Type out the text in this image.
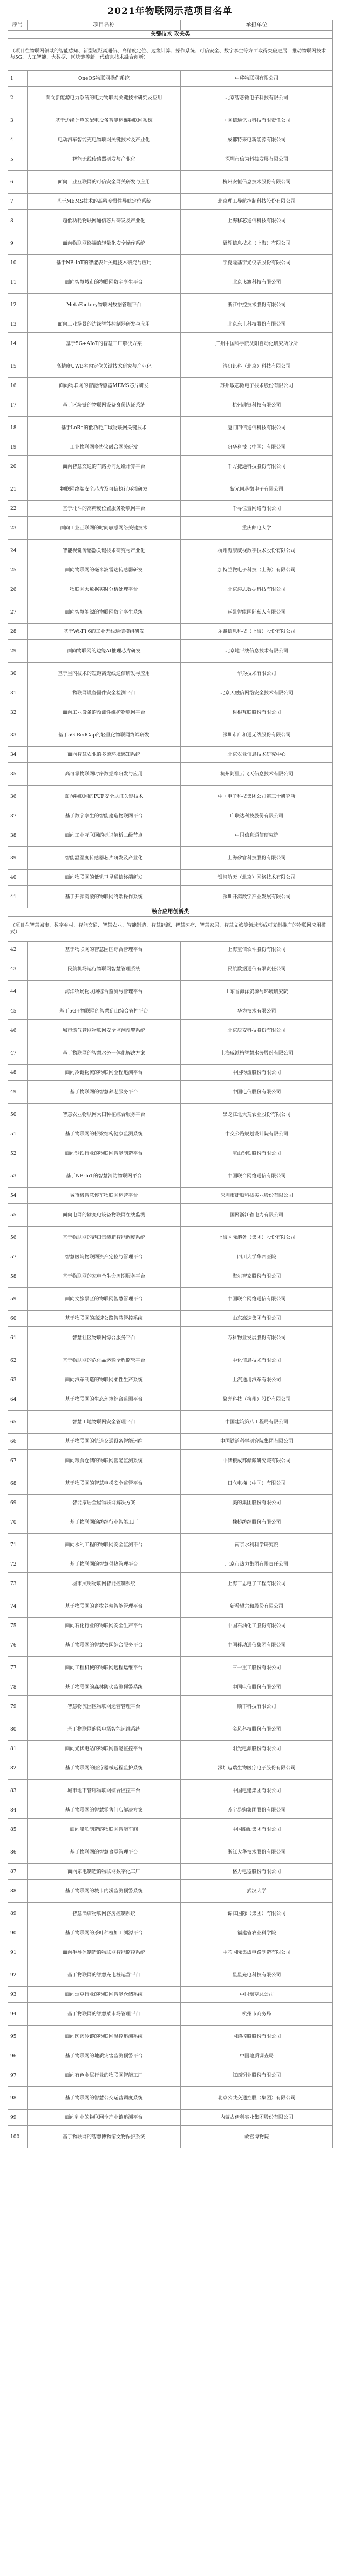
2021年物联网示范项目名单
序号	项目名称	承担单位
关键技术 攻关类		
（项目在物联网领域的智能感知、新型短距离通信、高精度定位、边缘计算、操作系统、可信安全、数字孪生等方面取得突破进展，推动物联网技术与5G、人工智能、大数据、区块链等新一代信息技术融合创新）		
1	OneOS物联网操作系统	中移物联网有限公司
2	面向新能源电力系统的电力物联网关键技术研究及应用	北京智芯微电子科技有限公司
3	基于边缘计算的配电设备智能运维物联网系统	国网信通亿力科技有限责任公司
4	电动汽车智能充电物联网关键技术及产业化	成都特来电新能源有限公司
5	智能无线传感器研发与产业化	深圳市信为科技发展有限公司
6	面向工业互联网的可信安全网关研发与应用	杭州安恒信息技术股份有限公司
7	基于MEMS技术的高精度惯性导航定位系统	北京理工导航控制科技股份有限公司
8	超低功耗物联网通信芯片研发及产业化	上海移芯通信科技有限公司
9	面向物联网终端的轻量化安全操作系统	翼辉信息技术（上海）有限公司
10	基于NB-IoT的智能表计关键技术研究与应用	宁夏隆基宁光仪表股份有限公司
11	面向智慧城市的物联网数字孪生平台	北京飞渡科技有限公司
12	MetaFactory物联网数据管理平台	浙江中控技术股份有限公司
13	面向工业场景的边缘智能控制器研发与应用	北京东土科技股份有限公司
14	基于5G+AIoT的智慧工厂解决方案	广州中国科学院沈阳自动化研究所分所
15	高精度UWB室内定位关键技术研究与产业化	清研讯科（北京）科技有限公司
16	面向物联网的智能传感器MEMS芯片研发	苏州敏芯微电子技术股份有限公司
17	基于区块链的物联网设备身份认证系统	杭州趣链科技有限公司
18	基于LoRa的低功耗广域物联网关键技术	厦门四信通信科技有限公司
19	工业物联网多协议融合网关研发	研华科技（中国）有限公司
20	面向智慧交通的车路协同边缘计算平台	千方捷通科技股份有限公司
21	物联网终端安全芯片及可信执行环境研发	紫光同芯微电子有限公司
22	基于北斗的高精度位置服务物联网平台	千寻位置网络有限公司
23	面向工业互联网的时间敏感网络关键技术	重庆邮电大学
24	智能视觉传感器关键技术研究与产业化	杭州海康威视数字技术股份有限公司
25	面向物联网的毫米波雷达传感器研发	加特兰微电子科技（上海）有限公司
26	物联网大数据实时分析处理平台	北京涛思数据科技有限公司
27	面向智慧能源的物联网数字孪生系统	远景智能国际私人有限公司
28	基于Wi-Fi 6的工业无线通信模组研发	乐鑫信息科技（上海）股份有限公司
29	面向物联网的边缘AI推理芯片研发	北京地平线信息技术有限公司
30	基于星闪技术的短距离无线通信研发与应用	华为技术有限公司
31	物联网设备固件安全检测平台	北京天融信网络安全技术有限公司
32	面向工业设备的预测性维护物联网平台	树根互联股份有限公司
33	基于5G RedCap的轻量化物联网终端研发	深圳市广和通无线股份有限公司
34	面向智慧农业的多源环境感知系统	北京农业信息技术研究中心
35	高可靠物联网时序数据库研发与应用	杭州阿里云飞天信息技术有限公司
36	面向物联网的PUF安全认证关键技术	中国电子科技集团公司第三十研究所
37	基于数字孪生的智能建造物联网平台	广联达科技股份有限公司
38	面向工业互联网的标识解析二级节点	中国信息通信研究院
39	智能温湿度传感器芯片研发及产业化	上海矽睿科技股份有限公司
40	面向物联网的低轨卫星通信终端研发	银河航天（北京）网络技术有限公司
41	基于开源鸿蒙的物联网终端操作系统	深圳开鸿数字产业发展有限公司
融合应用创新类		
（项目在智慧城市、数字乡村、智能交通、智慧农业、智能制造、智慧能源、智慧医疗、智慧家居、智慧文旅等领域形成可复制推广的物联网应用模式）		
42	基于物联网的智慧园区综合管理平台	上海宝信软件股份有限公司
43	民航机场运行物联网智慧管理系统	民航数据通信有限责任公司
44	海洋牧场物联网综合监测与管理平台	山东省海洋资源与环境研究院
45	基于5G+物联网的智慧矿山综合管控平台	华为技术有限公司
46	城市燃气管网物联网安全监测预警系统	北京辰安科技股份有限公司
47	基于物联网的智慧水务一体化解决方案	上海威派格智慧水务股份有限公司
48	面向冷链物流的物联网全程追溯平台	中国物流股份有限公司
49	基于物联网的智慧养老服务平台	中国电信股份有限公司
50	智慧农业物联网大田种植综合服务平台	黑龙江北大荒农业股份有限公司
51	基于物联网的桥梁结构健康监测系统	中交公路规划设计院有限公司
52	面向钢铁行业的物联网智能制造平台	宝山钢铁股份有限公司
53	基于NB-IoT的智慧消防物联网平台	中国联合网络通信有限公司
54	城市级智慧停车物联网运营平台	深圳市捷顺科技实业股份有限公司
55	面向电网的输变电设备物联网在线监测	国网浙江省电力有限公司
56	基于物联网的港口集装箱智能调度系统	上海国际港务（集团）股份有限公司
57	智慧医院物联网资产定位与管理平台	四川大学华西医院
58	基于物联网的家电全生命周期服务平台	海尔智家股份有限公司
59	面向文旅景区的物联网智慧管理平台	中国联合网络通信有限公司
60	基于物联网的高速公路智慧管控系统	山东高速集团有限公司
61	智慧社区物联网综合服务平台	万科物业发展股份有限公司
62	基于物联网的危化品运输全程监管平台	中化信息技术有限公司
63	面向汽车制造的物联网柔性生产系统	上汽通用汽车有限公司
64	基于物联网的生态环境综合监测平台	聚光科技（杭州）股份有限公司
65	智慧工地物联网安全管理平台	中国建筑第八工程局有限公司
66	基于物联网的轨道交通设备智能运维	中国铁道科学研究院集团有限公司
67	面向粮食仓储的物联网智能监测系统	中储粮成都储藏研究院有限公司
68	基于物联网的智慧电梯安全监管平台	日立电梯（中国）有限公司
69	智能家居全屋物联网解决方案	美的集团股份有限公司
70	基于物联网的纺织行业智能工厂	魏桥纺织股份有限公司
71	面向水利工程的物联网安全监测平台	南京水利科学研究院
72	基于物联网的智慧供热管理平台	北京市热力集团有限责任公司
73	城市照明物联网智能控制系统	上海三思电子工程有限公司
74	基于物联网的畜牧养殖智能管理平台	新希望六和股份有限公司
75	面向石化行业的物联网安全生产平台	中国石油化工股份有限公司
76	基于物联网的智慧校园综合服务平台	中国移动通信集团有限公司
77	面向工程机械的物联网远程运维平台	三一重工股份有限公司
78	基于物联网的森林防火监测预警系统	中国电信股份有限公司
79	智慧物流园区物联网运营管理平台	顺丰科技有限公司
80	基于物联网的风电场智能运维系统	金风科技股份有限公司
81	面向光伏电站的物联网智能监控平台	阳光电源股份有限公司
82	基于物联网的医疗器械远程监护系统	深圳迈瑞生物医疗电子股份有限公司
83	城市地下管廊物联网综合监控平台	中国电建集团有限公司
84	基于物联网的智慧零售门店解决方案	苏宁易购集团股份有限公司
85	面向船舶制造的物联网智能车间	中国船舶集团有限公司
86	基于物联网的智慧食堂管理平台	浙江大华技术股份有限公司
87	面向家电制造的物联网数字化工厂	格力电器股份有限公司
88	基于物联网的城市内涝监测预警系统	武汉大学
89	智慧酒店物联网客房控制系统	锦江国际（集团）有限公司
90	基于物联网的茶叶种植加工溯源平台	福建省农业科学院
91	面向半导体制造的物联网智能监控系统	中芯国际集成电路制造有限公司
92	基于物联网的智慧充电桩运营平台	星星充电科技有限公司
93	面向烟草行业的物联网智能仓储系统	中国烟草总公司
94	基于物联网的智慧菜市场管理平台	杭州市商务局
95	面向医药冷链的物联网温控追溯系统	国药控股股份有限公司
96	基于物联网的地质灾害监测预警平台	中国地质调查局
97	面向有色金属行业的物联网智能工厂	江西铜业股份有限公司
98	基于物联网的智慧公交运营调度系统	北京公共交通控股（集团）有限公司
99	面向乳业的物联网全产业链追溯平台	内蒙古伊利实业集团股份有限公司
100	基于物联网的智慧博物馆文物保护系统	故宫博物院
